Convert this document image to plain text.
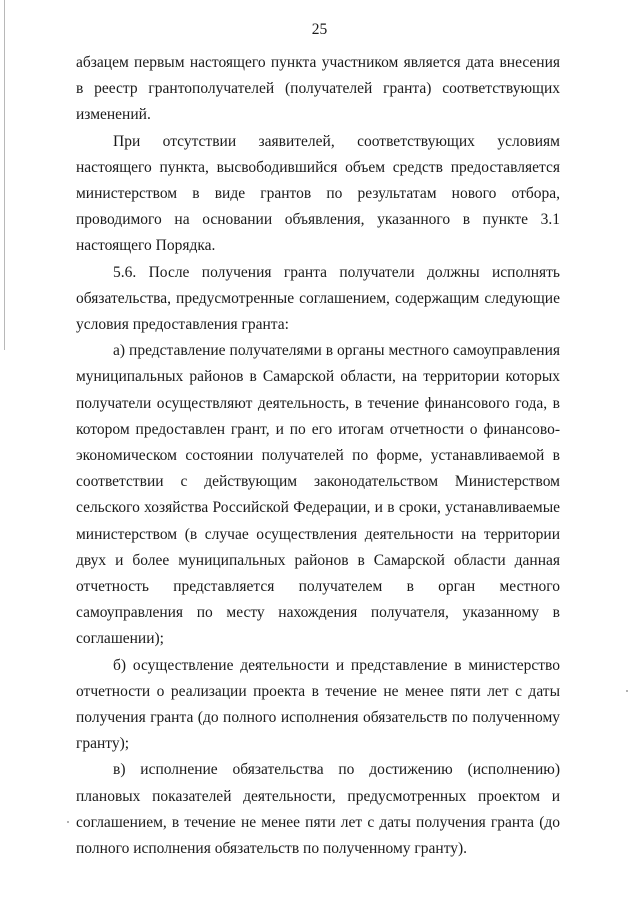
25

абзацем первым настоящего пункта участником является дата внесения в реестр грантополучателей (получателей гранта) соответствующих изменений.

При отсутствии заявителей, соответствующих условиям настоящего пункта, высвободившийся объем средств предоставляется министерством в виде грантов по результатам нового отбора, проводимого на основании объявления, указанного в пункте 3.1 настоящего Порядка.

5.6. После получения гранта получатели должны исполнять обязательства, предусмотренные соглашением, содержащим следующие условия предоставления гранта:

а) представление получателями в органы местного самоуправления муниципальных районов в Самарской области, на территории которых получатели осуществляют деятельность, в течение финансового года, в котором предоставлен грант, и по его итогам отчетности о финансово-экономическом состоянии получателей по форме, устанавливаемой в соответствии с действующим законодательством Министерством сельского хозяйства Российской Федерации, и в сроки, устанавливаемые министерством (в случае осуществления деятельности на территории двух и более муниципальных районов в Самарской области данная отчетность представляется получателем в орган местного самоуправления по месту нахождения получателя, указанному в соглашении);

б) осуществление деятельности и представление в министерство отчетности о реализации проекта в течение не менее пяти лет с даты получения гранта (до полного исполнения обязательств по полученному гранту);

в) исполнение обязательства по достижению (исполнению) плановых показателей деятельности, предусмотренных проектом и соглашением, в течение не менее пяти лет с даты получения гранта (до полного исполнения обязательств по полученному гранту).
